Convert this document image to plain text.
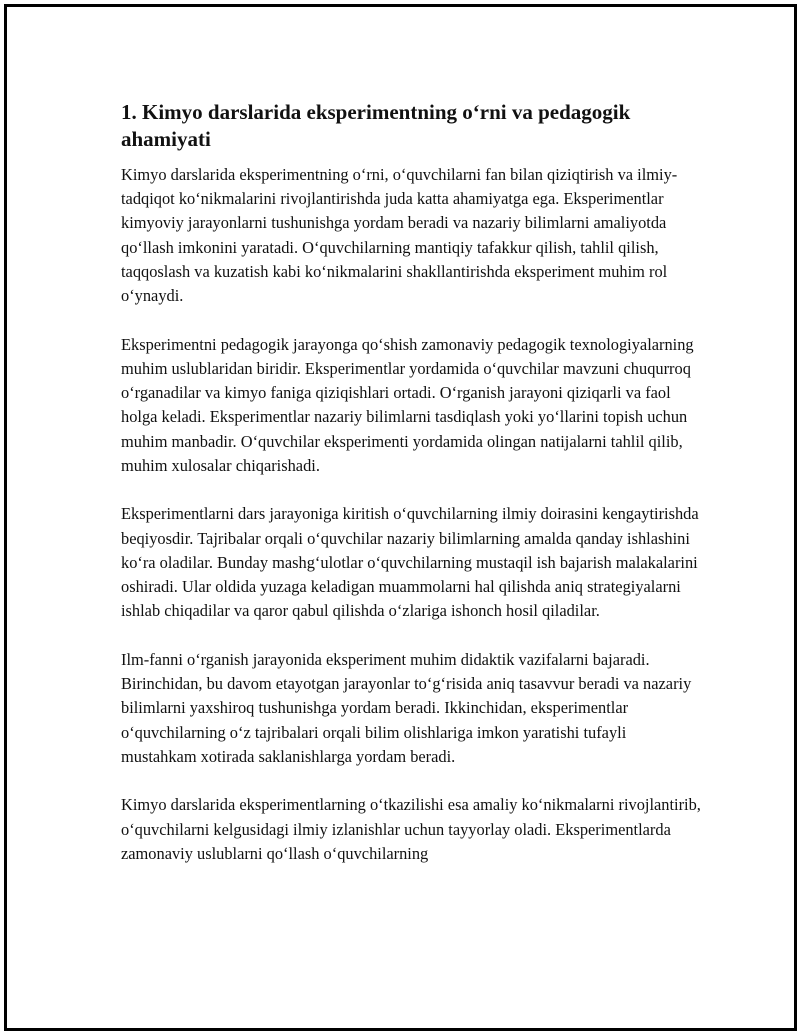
1. Kimyo darslarida eksperimentning o‘rni va pedagogik ahamiyati

Kimyo darslarida eksperimentning o‘rni, o‘quvchilarni fan bilan qiziqtirish va ilmiy-tadqiqot ko‘nikmalarini rivojlantirishda juda katta ahamiyatga ega. Eksperimentlar kimyoviy jarayonlarni tushunishga yordam beradi va nazariy bilimlarni amaliyotda qo‘llash imkonini yaratadi. O‘quvchilarning mantiqiy tafakkur qilish, tahlil qilish, taqqoslash va kuzatish kabi ko‘nikmalarini shakllantirishda eksperiment muhim rol o‘ynaydi.

Eksperimentni pedagogik jarayonga qo‘shish zamonaviy pedagogik texnologiyalarning muhim uslublaridan biridir. Eksperimentlar yordamida o‘quvchilar mavzuni chuqurroq o‘rganadilar va kimyo faniga qiziqishlari ortadi. O‘rganish jarayoni qiziqarli va faol holga keladi. Eksperimentlar nazariy bilimlarni tasdiqlash yoki yo‘llarini topish uchun muhim manbadir. O‘quvchilar eksperimenti yordamida olingan natijalarni tahlil qilib, muhim xulosalar chiqarishadi.

Eksperimentlarni dars jarayoniga kiritish o‘quvchilarning ilmiy doirasini kengaytirishda beqiyosdir. Tajribalar orqali o‘quvchilar nazariy bilimlarning amalda qanday ishlashini ko‘ra oladilar. Bunday mashg‘ulotlar o‘quvchilarning mustaqil ish bajarish malakalarini oshiradi. Ular oldida yuzaga keladigan muammolarni hal qilishda aniq strategiyalarni ishlab chiqadilar va qaror qabul qilishda o‘zlariga ishonch hosil qiladilar.

Ilm-fanni o‘rganish jarayonida eksperiment muhim didaktik vazifalarni bajaradi. Birinchidan, bu davom etayotgan jarayonlar to‘g‘risida aniq tasavvur beradi va nazariy bilimlarni yaxshiroq tushunishga yordam beradi. Ikkinchidan, eksperimentlar o‘quvchilarning o‘z tajribalari orqali bilim olishlariga imkon yaratishi tufayli mustahkam xotirada saklanishlarga yordam beradi.

Kimyo darslarida eksperimentlarning o‘tkazilishi esa amaliy ko‘nikmalarni rivojlantirib, o‘quvchilarni kelgusidagi ilmiy izlanishlar uchun tayyorlay oladi. Eksperimentlarda zamonaviy uslublarni qo‘llash o‘quvchilarning
